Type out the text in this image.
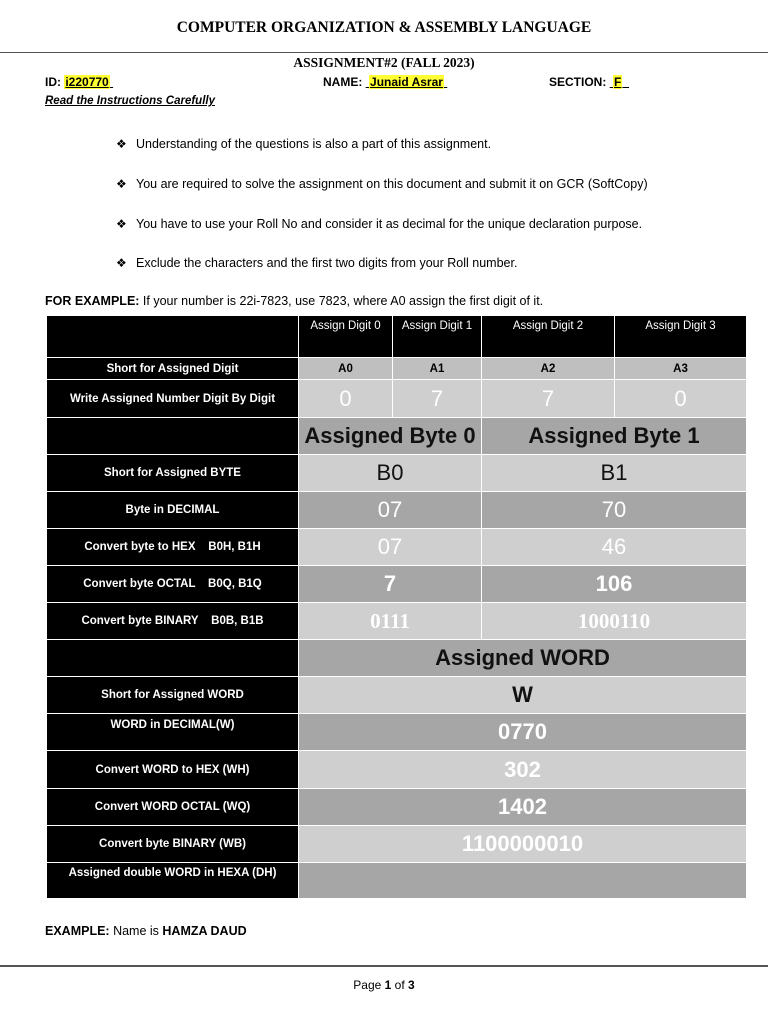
COMPUTER ORGANIZATION & ASSEMBLY LANGUAGE
ASSIGNMENT#2 (FALL 2023)
ID: i220770	NAME: Junaid Asrar	SECTION: F
Read the Instructions Carefully
❖ Understanding of the questions is also a part of this assignment.
❖ You are required to solve the assignment on this document and submit it on GCR (SoftCopy)
❖ You have to use your Roll No and consider it as decimal for the unique declaration purpose.
❖ Exclude the characters and the first two digits from your Roll number.
FOR EXAMPLE: If your number is 22i-7823, use 7823, where A0 assign the first digit of it.
	Assign Digit 0	Assign Digit 1	Assign Digit 2	Assign Digit 3
Short for Assigned Digit	A0	A1	A2	A3
Write Assigned Number Digit By Digit	0	7	7	0
	Assigned Byte 0		Assigned Byte 1	
Short for Assigned BYTE	B0		B1	
Byte in DECIMAL	07		70	
Convert byte to HEX    B0H, B1H	07		46	
Convert byte OCTAL    B0Q, B1Q	7		106	
Convert byte BINARY    B0B, B1B	0111		1000110	
	Assigned WORD			
Short for Assigned WORD	W			
WORD in DECIMAL(W)	0770			
Convert WORD to HEX (WH)	302			
Convert WORD OCTAL (WQ)	1402			
Convert byte BINARY (WB)	1100000010			
Assigned double WORD in HEXA (DH)				
EXAMPLE: Name is HAMZA DAUD
Page 1 of 3
